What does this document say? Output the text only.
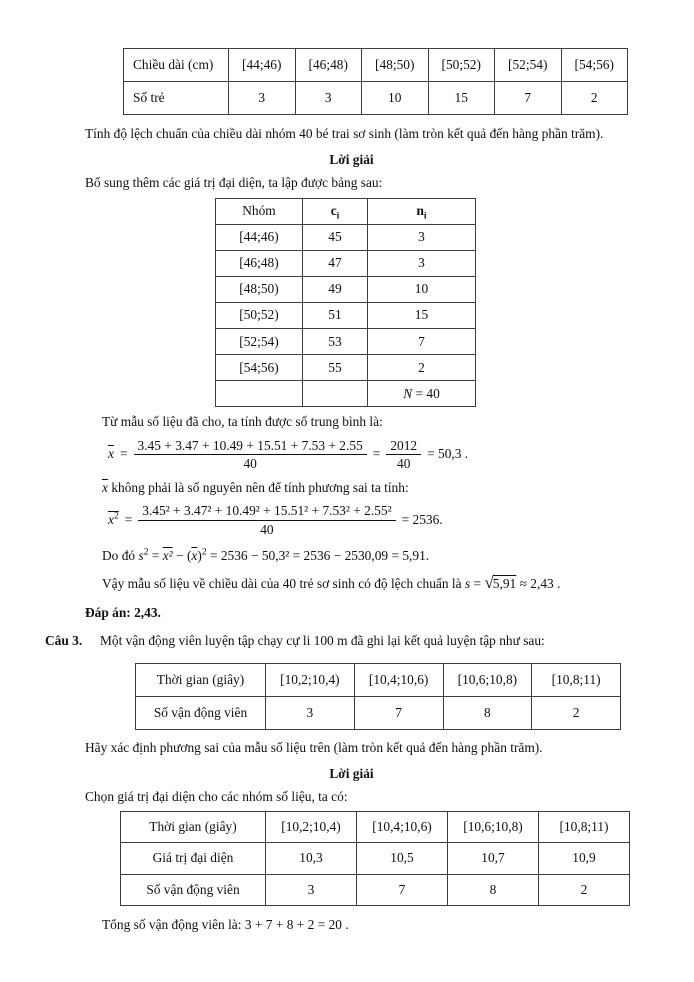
Chiều dài (cm)	[44;46)	[46;48)	[48;50)	[50;52)	[52;54)	[54;56)
Số trẻ	3	3	10	15	7	2

Tính độ lệch chuẩn của chiều dài nhóm 40 bé trai sơ sinh (làm tròn kết quả đến hàng phần trăm).

Lời giải

Bổ sung thêm các giá trị đại diện, ta lập được bảng sau:

Nhóm	$c_i$	$n_i$
[44;46)	45	3
[46;48)	47	3
[48;50)	49	10
[50;52)	51	15
[52;54)	53	7
[54;56)	55	2
		N = 40

Từ mẫu số liệu đã cho, ta tính được số trung bình là:

$\overline{x} = \frac{3.45 + 3.47 + 10.49 + 15.51 + 7.53 + 2.55}{40} = \frac{2012}{40} = 50,3$ .

$\overline{x}$ không phải là số nguyên nên để tính phương sai ta tính:

$x^2 = \frac{\text{3.45² + 3.47² + 10.49² + 15.51² + 7.53² + 2.55²}}{40} = 2536$.

Do đó $s^2 = x^2 - (\overline{x})^2 = 2536 - 50,3^2 = 2536 - 2530,09 = 5,91$.

Vậy mẫu số liệu về chiều dài của 40 trẻ sơ sinh có độ lệch chuẩn là s = √5,91 ≈ 2,43 .

Đáp án: 2,43.

Câu 3.	Một vận động viên luyện tập chạy cự li 100 m đã ghi lại kết quả luyện tập như sau:
Thời gian (giây)	[10,2;10,4)	[10,4;10,6)	[10,6;10,8)	[10,8;11)
Số vận động viên	3	7	8	2

Hãy xác định phương sai của mẫu số liệu trên (làm tròn kết quả đến hàng phần trăm).

Lời giải

Chọn giá trị đại diện cho các nhóm số liệu, ta có:

Thời gian (giây)	[10,2;10,4)	[10,4;10,6)	[10,6;10,8)	[10,8;11)
Giá trị đại diện	10,3	10,5	10,7	10,9
Số vận động viên	3	7	8	2

Tổng số vận động viên là: 3 + 7 + 8 + 2 = 20 .
